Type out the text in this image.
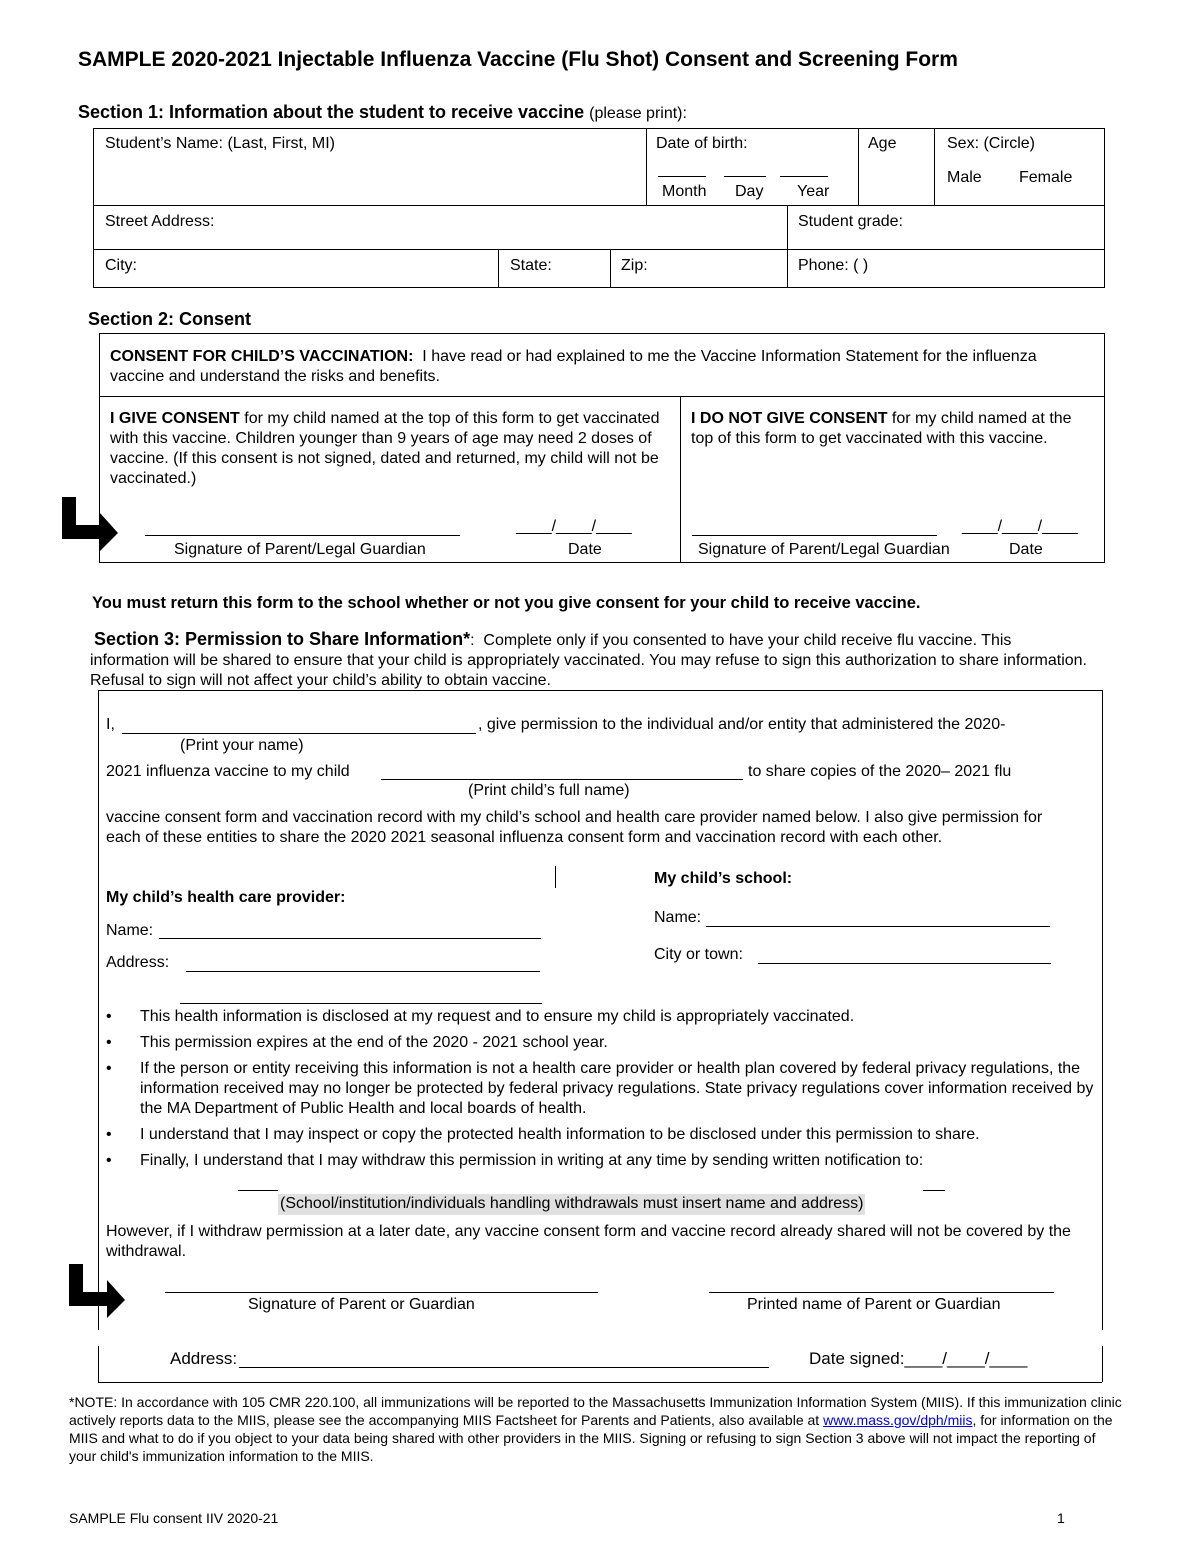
SAMPLE 2020-2021 Injectable Influenza Vaccine (Flu Shot) Consent and Screening Form
Section 1: Information about the student to receive vaccine (please print):
Student’s Name: (Last, First, MI)	Date of birth:
Month Day Year
Age	Sex: (Circle)
Male Female
Street Address:	Student grade:
City:	State:	Zip:	Phone: ( )
Section 2: Consent
CONSENT FOR CHILD’S VACCINATION: I have read or had explained to me the Vaccine Information Statement for the influenza vaccine and understand the risks and benefits.
I GIVE CONSENT for my child named at the top of this form to get vaccinated with this vaccine. Children younger than 9 years of age may need 2 doses of vaccine. (If this consent is not signed, dated and returned, my child will not be vaccinated.)
I DO NOT GIVE CONSENT for my child named at the top of this form to get vaccinated with this vaccine.
____/____/____
Signature of Parent/Legal Guardian	Date
____/____/____
Signature of Parent/Legal Guardian	Date
You must return this form to the school whether or not you give consent for your child to receive vaccine.
Section 3: Permission to Share Information*: Complete only if you consented to have your child receive flu vaccine. This information will be shared to ensure that your child is appropriately vaccinated. You may refuse to sign this authorization to share information. Refusal to sign will not affect your child’s ability to obtain vaccine.
I,	, give permission to the individual and/or entity that administered the 2020-
(Print your name)
2021 influenza vaccine to my child	to share copies of the 2020– 2021 flu
(Print child’s full name)
vaccine consent form and vaccination record with my child’s school and health care provider named below. I also give permission for each of these entities to share the 2020 2021 seasonal influenza consent form and vaccination record with each other.
My child’s health care provider:
Name:
Address:
My child’s school:
Name:
City or town:
• This health information is disclosed at my request and to ensure my child is appropriately vaccinated.
• This permission expires at the end of the 2020 - 2021 school year.
• If the person or entity receiving this information is not a health care provider or health plan covered by federal privacy regulations, the information received may no longer be protected by federal privacy regulations. State privacy regulations cover information received by the MA Department of Public Health and local boards of health.
• I understand that I may inspect or copy the protected health information to be disclosed under this permission to share.
• Finally, I understand that I may withdraw this permission in writing at any time by sending written notification to:
(School/institution/individuals handling withdrawals must insert name and address)
However, if I withdraw permission at a later date, any vaccine consent form and vaccine record already shared will not be covered by the withdrawal.
Signature of Parent or Guardian	Printed name of Parent or Guardian
Address:	Date signed:____/____/____
*NOTE: In accordance with 105 CMR 220.100, all immunizations will be reported to the Massachusetts Immunization Information System (MIIS). If this immunization clinic actively reports data to the MIIS, please see the accompanying MIIS Factsheet for Parents and Patients, also available at www.mass.gov/dph/miis, for information on the MIIS and what to do if you object to your data being shared with other providers in the MIIS. Signing or refusing to sign Section 3 above will not impact the reporting of your child's immunization information to the MIIS.
SAMPLE Flu consent IIV 2020-21	1
